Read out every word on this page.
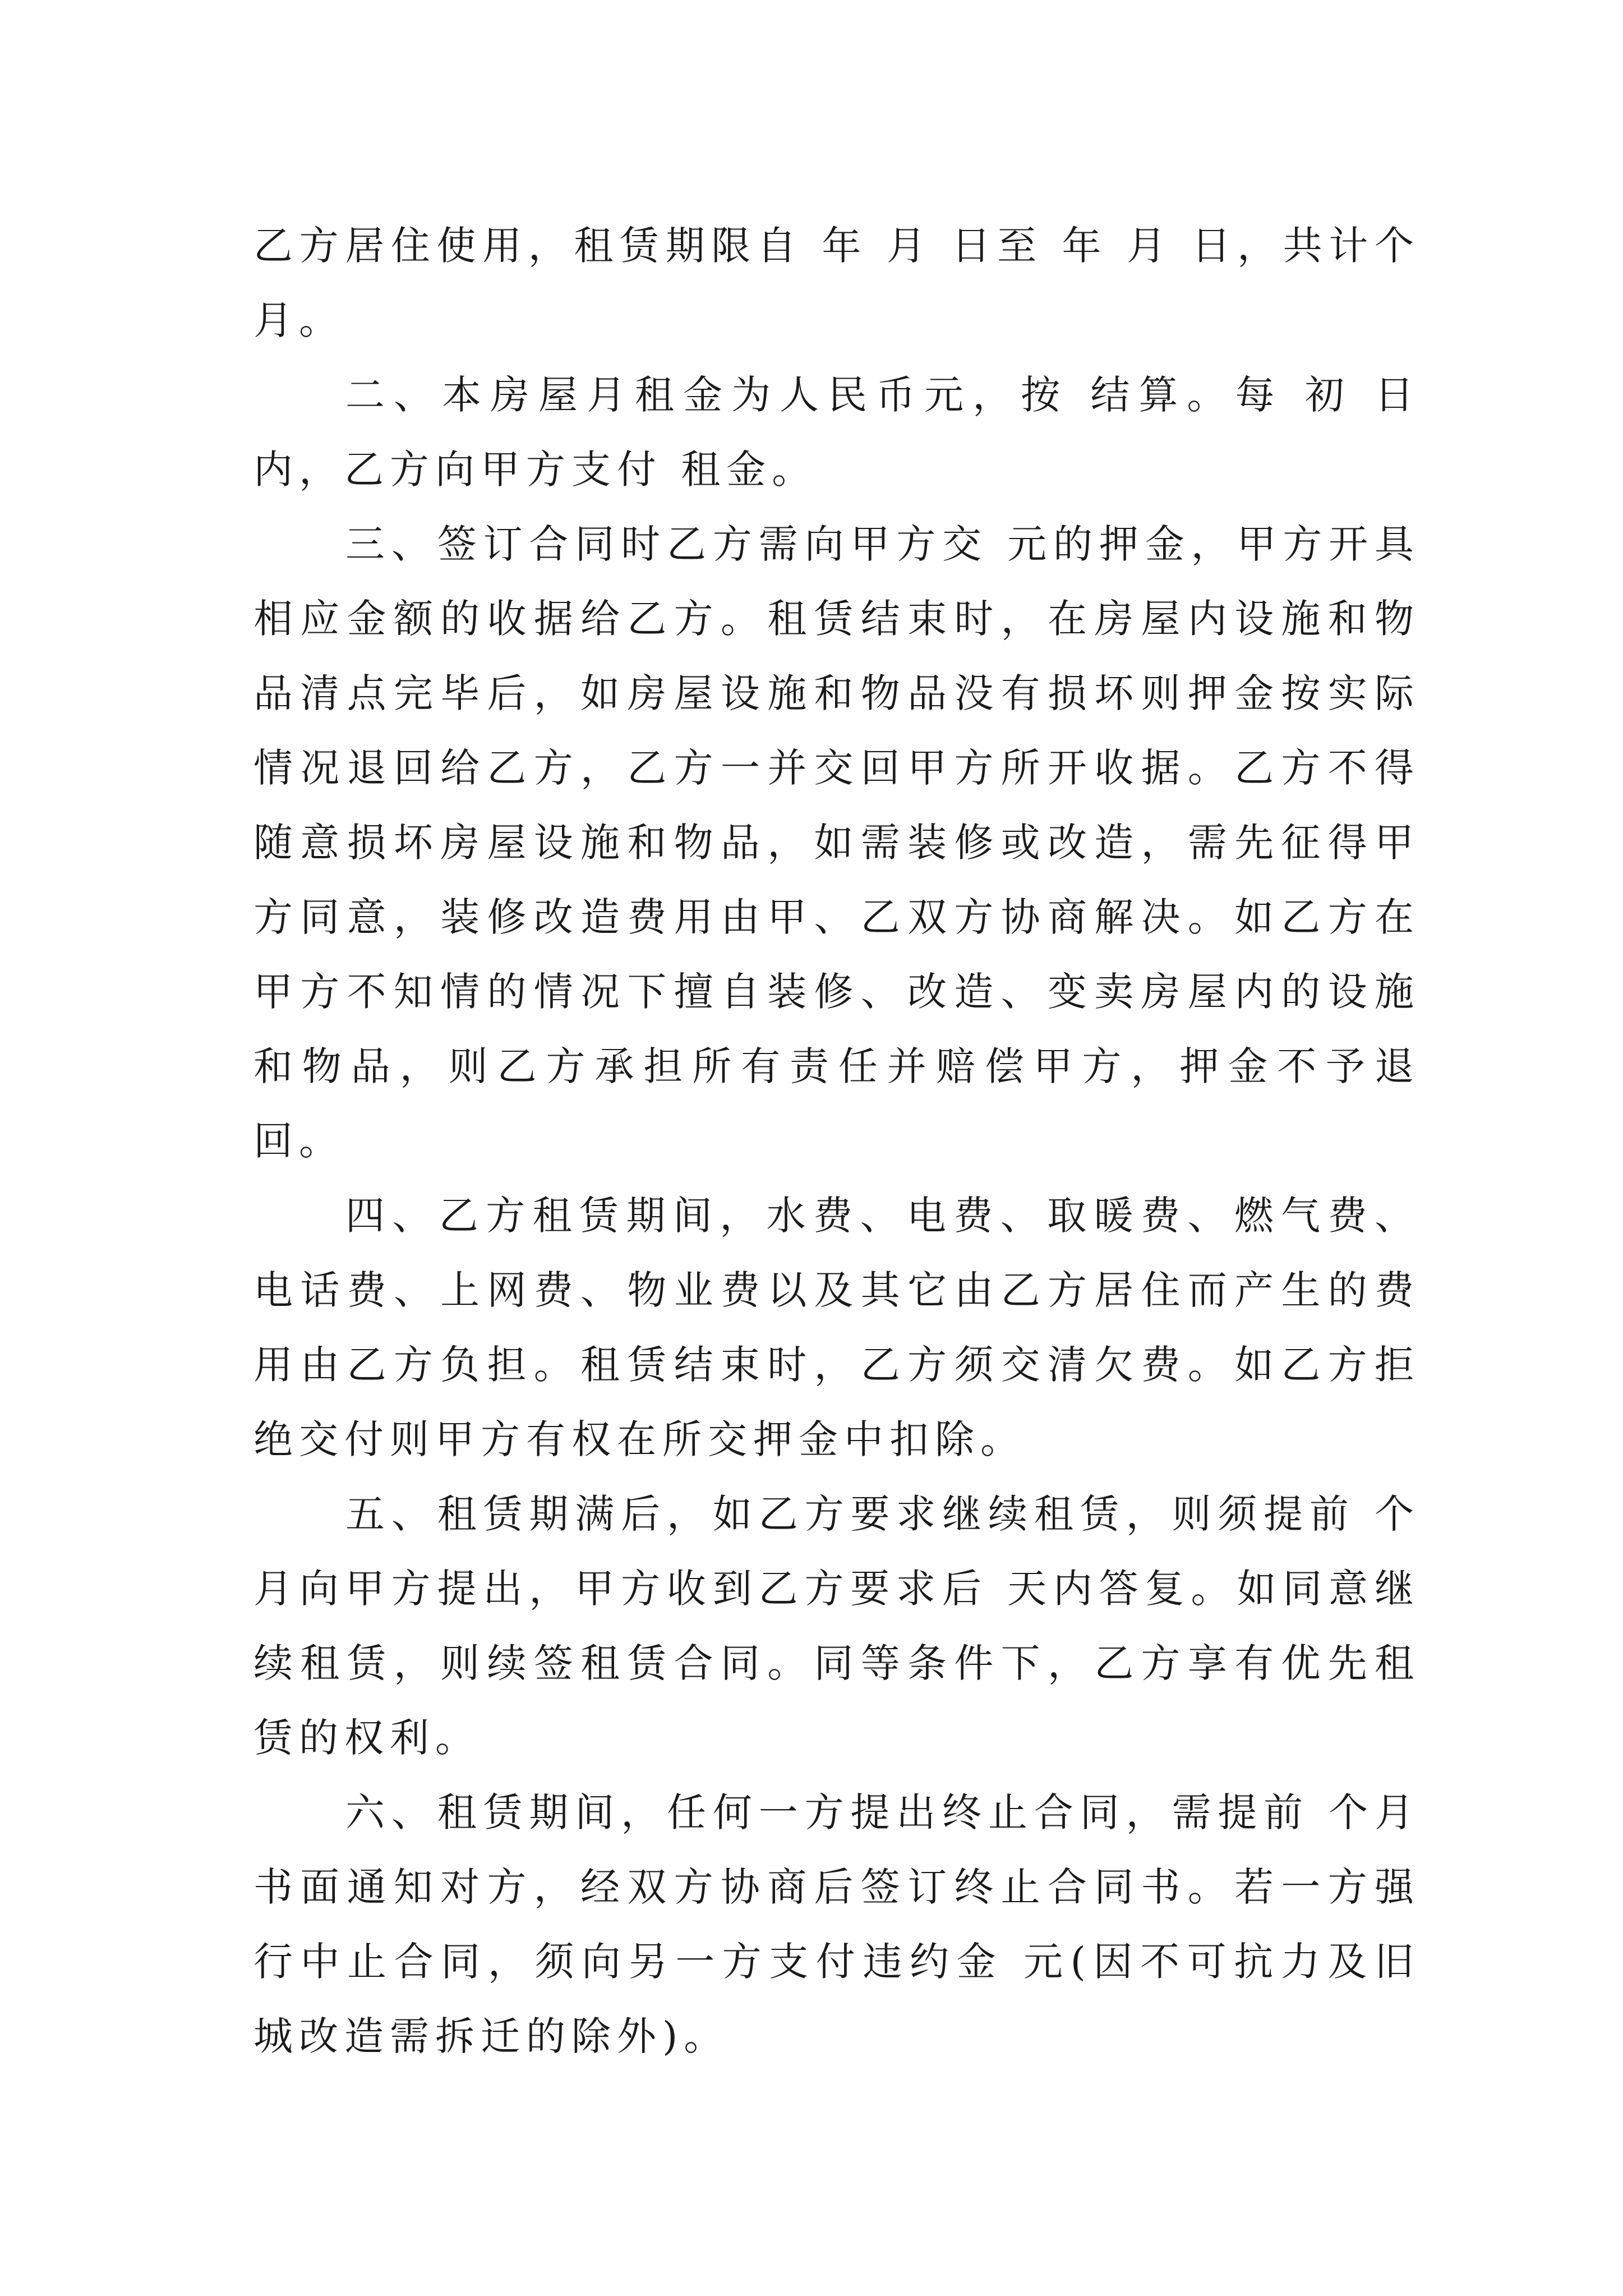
乙方居住使用，租赁期限自 年 月 日至 年 月 日，共计个月。

二、本房屋月租金为人民币元，按 结算。每 初 日内，乙方向甲方支付 租金。

三、签订合同时乙方需向甲方交 元的押金，甲方开具相应金额的收据给乙方。租赁结束时，在房屋内设施和物品清点完毕后，如房屋设施和物品没有损坏则押金按实际情况退回给乙方，乙方一并交回甲方所开收据。乙方不得随意损坏房屋设施和物品，如需装修或改造，需先征得甲方同意，装修改造费用由甲、乙双方协商解决。如乙方在甲方不知情的情况下擅自装修、改造、变卖房屋内的设施和物品，则乙方承担所有责任并赔偿甲方，押金不予退回。

四、乙方租赁期间，水费、电费、取暖费、燃气费、电话费、上网费、物业费以及其它由乙方居住而产生的费用由乙方负担。租赁结束时，乙方须交清欠费。如乙方拒绝交付则甲方有权在所交押金中扣除。

五、租赁期满后，如乙方要求继续租赁，则须提前 个月向甲方提出，甲方收到乙方要求后 天内答复。如同意继续租赁，则续签租赁合同。同等条件下，乙方享有优先租赁的权利。

六、租赁期间，任何一方提出终止合同，需提前 个月书面通知对方，经双方协商后签订终止合同书。若一方强行中止合同，须向另一方支付违约金 元(因不可抗力及旧城改造需拆迁的除外)。
